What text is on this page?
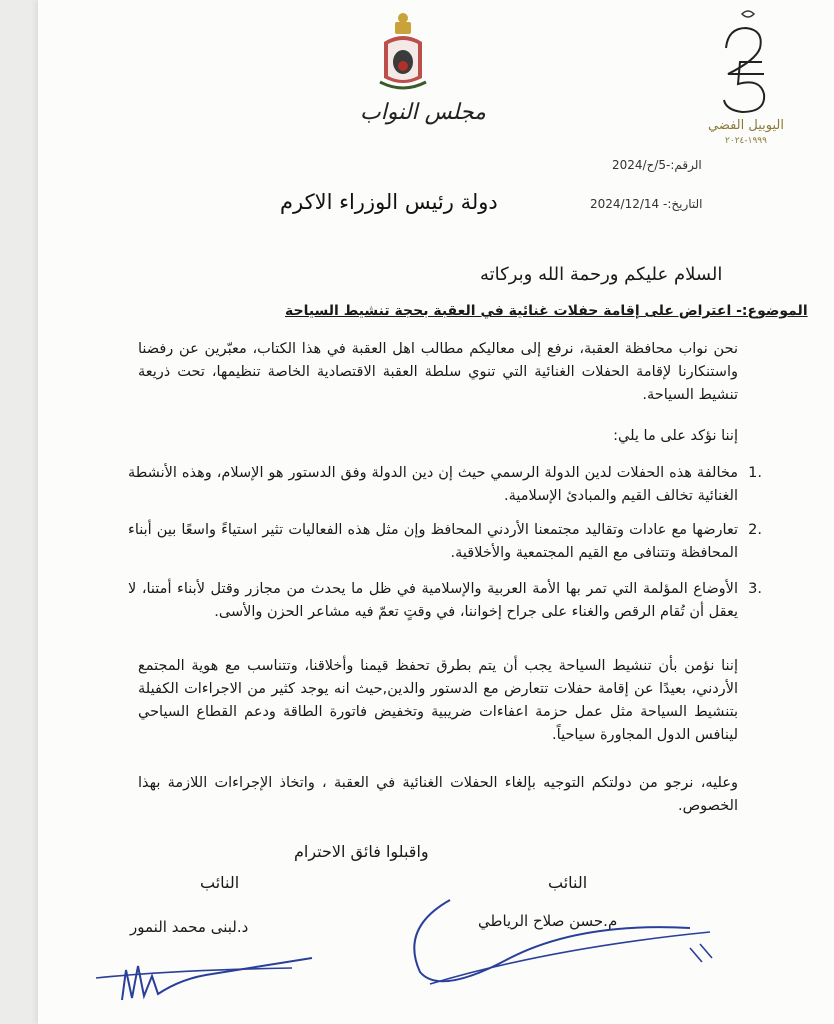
مجلس النواب
اليوبيل الفضي
١٩٩٩-٢٠٢٤
الرقم:-5/ح/2024
التاريخ:- 2024/12/14
دولة رئيس الوزراء الاكرم
السلام عليكم ورحمة الله وبركاته
الموضوع:- اعتراض على إقامة حفلات غنائية في العقبة بحجة تنشيط السياحة
نحن نواب محافظة العقبة، نرفع إلى معاليكم مطالب اهل العقبة في هذا الكتاب، معبّرين عن رفضنا واستنكارنا لإقامة الحفلات الغنائية التي تنوي سلطة العقبة الاقتصادية الخاصة تنظيمها، تحت ذريعة تنشيط السياحة.
إننا نؤكد على ما يلي:
.1
مخالفة هذه الحفلات لدين الدولة الرسمي حيث إن دين الدولة وفق الدستور هو الإسلام، وهذه الأنشطة الغنائية تخالف القيم والمبادئ الإسلامية.
.2
تعارضها مع عادات وتقاليد مجتمعنا الأردني المحافظ وإن مثل هذه الفعاليات تثير استياءً واسعًا بين أبناء المحافظة وتتنافى مع القيم المجتمعية والأخلاقية.
.3
الأوضاع المؤلمة التي تمر بها الأمة العربية والإسلامية في ظل ما يحدث من مجازر وقتل لأبناء أمتنا، لا يعقل أن تُقام الرقص والغناء على جراح إخواننا، في وقتٍ تعمّ فيه مشاعر الحزن والأسى.
إننا نؤمن بأن تنشيط السياحة يجب أن يتم بطرق تحفظ قيمنا وأخلاقنا، وتتناسب مع هوية المجتمع الأردني، بعيدًا عن إقامة حفلات تتعارض مع الدستور والدين,حيث انه يوجد كثير من الاجراءات الكفيلة بتنشيط السياحة مثل عمل حزمة اعفاءات ضريبية وتخفيض فاتورة الطاقة ودعم القطاع السياحي لينافس الدول المجاورة سياحياً.
وعليه، نرجو من دولتكم التوجيه بإلغاء الحفلات الغنائية في العقبة ، واتخاذ الإجراءات اللازمة بهذا الخصوص.
واقبلوا فائق الاحترام
النائب	النائب
د.لبنى محمد النمور	م.حسن صلاح الرياطي
